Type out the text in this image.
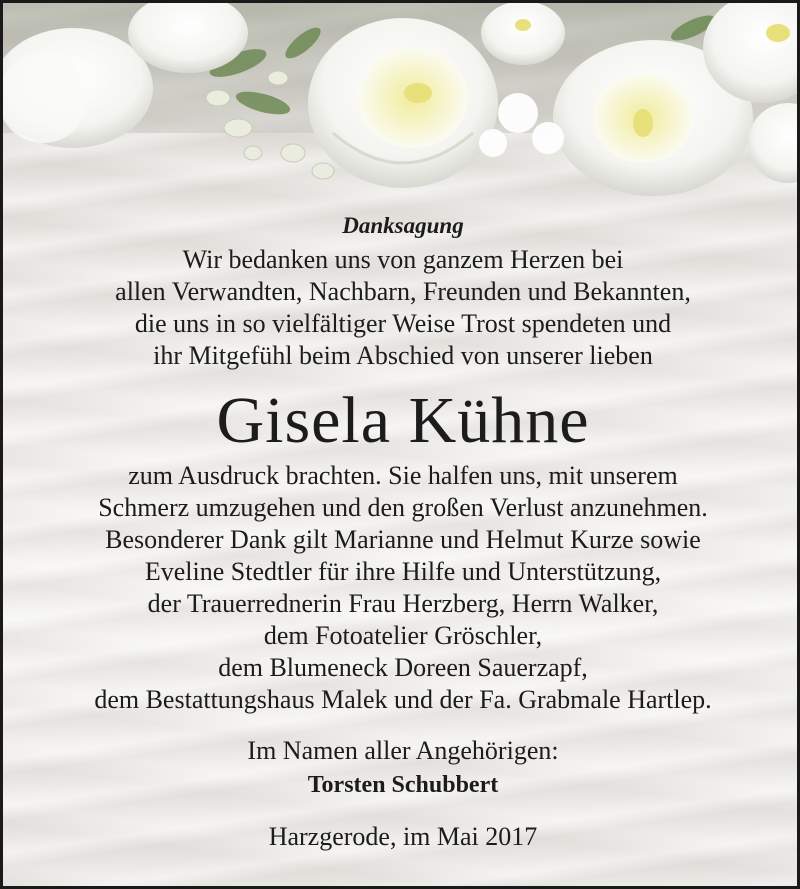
Danksagung

Wir bedanken uns von ganzem Herzen bei

allen Verwandten, Nachbarn, Freunden und Bekannten,

die uns in so vielfältiger Weise Trost spendeten und

ihr Mitgefühl beim Abschied von unserer lieben

Gisela Kühne

zum Ausdruck brachten. Sie halfen uns, mit unserem

Schmerz umzugehen und den großen Verlust anzunehmen.

Besonderer Dank gilt Marianne und Helmut Kurze sowie

Eveline Stedtler für ihre Hilfe und Unterstützung,

der Trauerrednerin Frau Herzberg, Herrn Walker,

dem Fotoatelier Gröschler,

dem Blumeneck Doreen Sauerzapf,

dem Bestattungshaus Malek und der Fa. Grabmale Hartlep.

Im Namen aller Angehörigen:

Torsten Schubbert

Harzgerode, im Mai 2017
